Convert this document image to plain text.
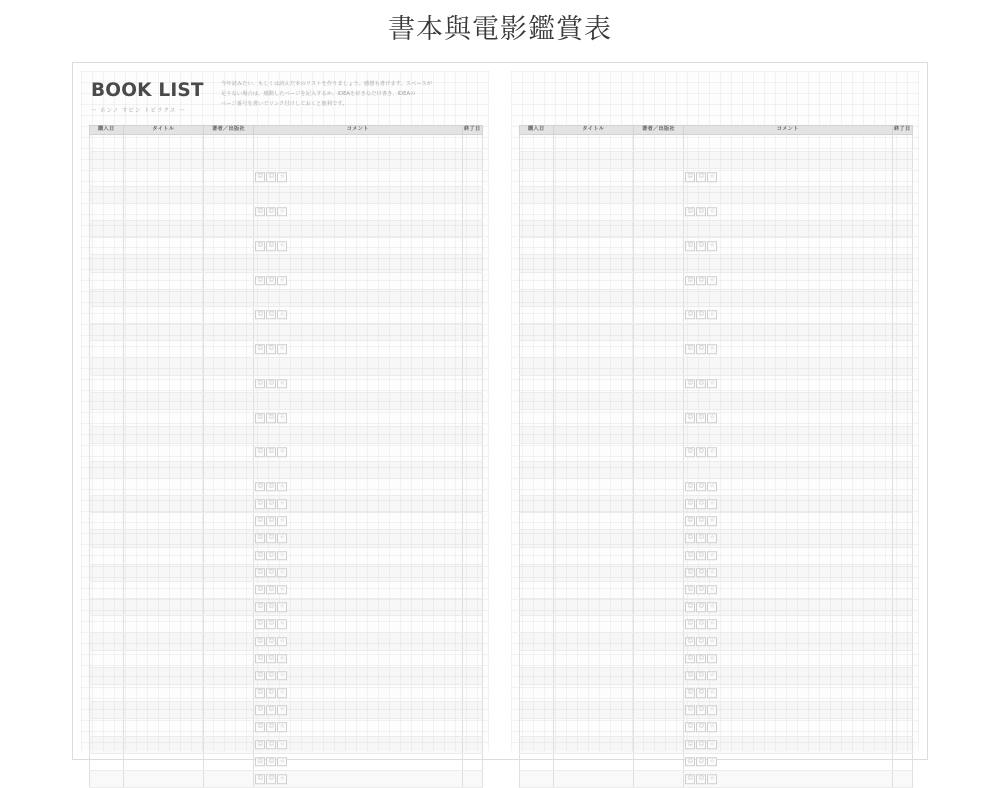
書本與電影鑑賞表
BOOK LIST
〜 ホンノ すピン トピラクス 〜
今年読みたい、もしくは読んだ本のリストを作りましょう。感想も書けます。スペースが
足りない場合は、感動したページを記入するか、IDEAを好きなだけ書き、IDEAの
ページ番号を書いでリンク付けしておくと便利です。
購入日	タイトル	著者／出版社	コメント	終了日

☺ ☹ ☆	

☺ ☹ ☆	

☺ ☹ ☆	

☺ ☹ ☆	

☺ ☹ ☆	

☺ ☹ ☆	

☺ ☹ ☆	

☺ ☹ ☆	

☺ ☹ ☆	

☺ ☹ ☆	

☺ ☹ ☆	

☺ ☹ ☆	

☺ ☹ ☆	

☺ ☹ ☆	

☺ ☹ ☆	

☺ ☹ ☆	

☺ ☹ ☆	

☺ ☹ ☆	

☺ ☹ ☆	

☺ ☹ ☆	

☺ ☹ ☆	

☺ ☹ ☆	

☺ ☹ ☆	

☺ ☹ ☆	

☺ ☹ ☆	

☺ ☹ ☆	

☺ ☹ ☆	

購入日	タイトル	著者／出版社	コメント	終了日

☺ ☹ ☆	

☺ ☹ ☆	

☺ ☹ ☆	

☺ ☹ ☆	

☺ ☹ ☆	

☺ ☹ ☆	

☺ ☹ ☆	

☺ ☹ ☆	

☺ ☹ ☆	

☺ ☹ ☆	

☺ ☹ ☆	

☺ ☹ ☆	

☺ ☹ ☆	

☺ ☹ ☆	

☺ ☹ ☆	

☺ ☹ ☆	

☺ ☹ ☆	

☺ ☹ ☆	

☺ ☹ ☆	

☺ ☹ ☆	

☺ ☹ ☆	

☺ ☹ ☆	

☺ ☹ ☆	

☺ ☹ ☆	

☺ ☹ ☆	

☺ ☹ ☆	

☺ ☹ ☆	
